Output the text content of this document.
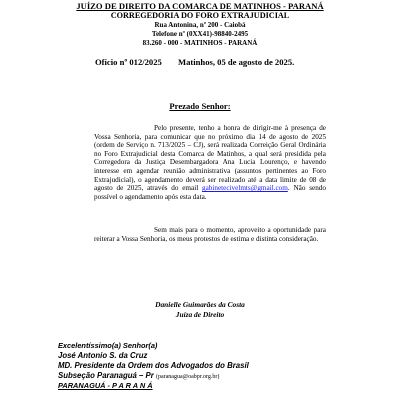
JUÍZO DE DIREITO DA COMARCA DE MATINHOS - PARANÁ
CORREGEDORIA DO FORO EXTRAJUDICIAL
Rua Antonina, nº 200 - Caiobá
Telefone nº (0XX41)-98840-2495
83.260 - 000 - MATINHOS - PARANÁ
Ofício nº 012/2025 Matinhos, 05 de agosto de 2025.
Prezado Senhor:

Pelo presente, tenho a honra de dirigir-me à presença de Vossa Senhoria, para comunicar que no próximo dia 14 de agosto de 2025 (ordem de Serviço n. 713/2025 – CJ), será realizada Correição Geral Ordinária no Foro Extrajudicial desta Comarca de Matinhos, a qual será presidida pela Corregedora da Justiça Desembargadora Ana Lucia Lourenço, e havendo interesse em agendar reunião administrativa (assuntos pertinentes ao Foro Extrajudicial), o agendamento deverá ser realizado até a data limite de 08 de agosto de 2025, através do email gabinetecivelmts@gmail.com. Não sendo possível o agendamento após esta data.

Sem mais para o momento, aproveito a oportunidade para reiterar a Vossa Senhoria, os meus protestos de estima e distinta consideração.

Danielle Guimarães da Costa
Juíza de Direito
Excelentíssimo(a) Senhor(a)
José Antonio S. da Cruz
MD. Presidente da Ordem dos Advogados do Brasil
Subseção Paranaguá – Pr (paranagua@oabpr.org.br)
PARANAGUÁ - P A R A N Á
